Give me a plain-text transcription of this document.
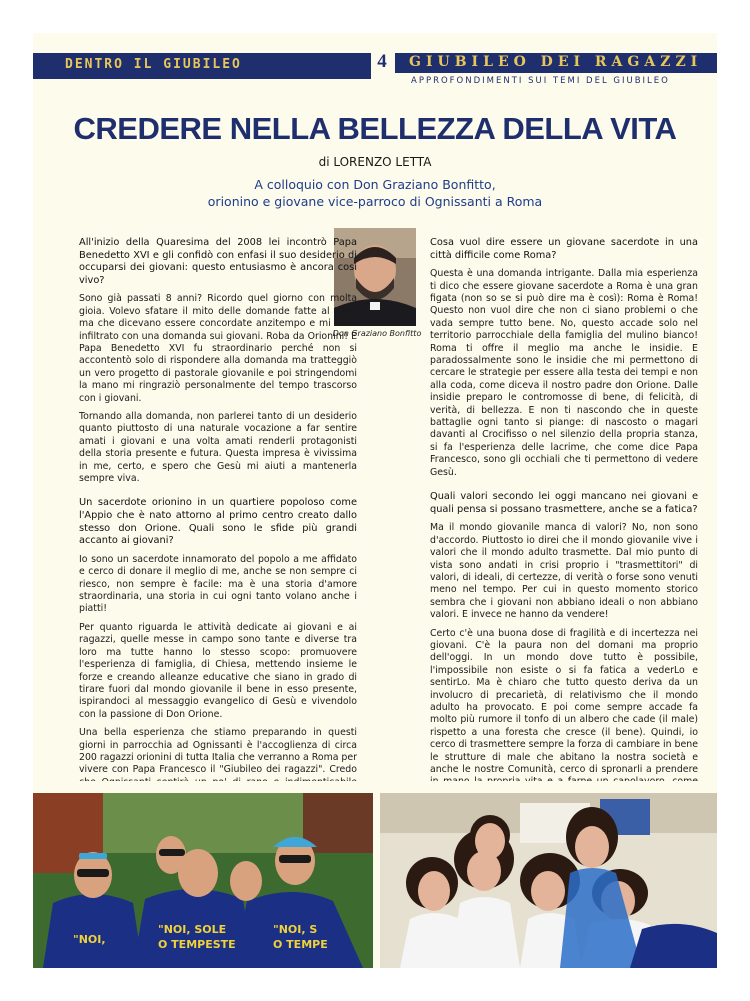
DENTRO IL GIUBILEO	4	GIUBILEO DEI RAGAZZI
APPROFONDIMENTI SUI TEMI DEL GIUBILEO
CREDERE NELLA BELLEZZA DELLA VITA
di LORENZO LETTA
A colloquio con Don Graziano Bonfitto,
orionino e giovane vice-parroco di Ognissanti a Roma
Don Graziano Bonfitto

All'inizio della Quaresima del 2008 lei incontrò Papa Benedetto XVI e gli confidò con enfasi il suo desiderio di occuparsi dei giovani: questo entusiasmo è ancora così vivo?

Sono già passati 8 anni? Ricordo quel giorno con molta gioia. Volevo sfatare il mito delle domande fatte al Papa ma che dicevano essere concordate anzitempo e mi sono infiltrato con una domanda sui giovani. Roba da Orionini! E Papa Benedetto XVI fu straordinario perché non si accontentò solo di rispondere alla domanda ma tratteggiò un vero progetto di pastorale giovanile e poi stringendomi la mano mi ringraziò personalmente del tempo trascorso con i giovani.

Tornando alla domanda, non parlerei tanto di un desiderio quanto piuttosto di una naturale vocazione a far sentire amati i giovani e una volta amati renderli protagonisti della storia presente e futura. Questa impresa è vivissima in me, certo, e spero che Gesù mi aiuti a mantenerla sempre viva.

Un sacerdote orionino in un quartiere popoloso come l'Appio che è nato attorno al primo centro creato dallo stesso don Orione. Quali sono le sfide più grandi accanto ai giovani?

Io sono un sacerdote innamorato del popolo a me affidato e cerco di donare il meglio di me, anche se non sempre ci riesco, non sempre è facile: ma è una storia d'amore straordinaria, una storia in cui ogni tanto volano anche i piatti!

Per quanto riguarda le attività dedicate ai giovani e ai ragazzi, quelle messe in campo sono tante e diverse tra loro ma tutte hanno lo stesso scopo: promuovere l'esperienza di famiglia, di Chiesa, mettendo insieme le forze e creando alleanze educative che siano in grado di tirare fuori dal mondo giovanile il bene in esso presente, ispirandoci al messaggio evangelico di Gesù e vivendolo con la passione di Don Orione.

Una bella esperienza che stiamo preparando in questi giorni in parrocchia ad Ognissanti è l'accoglienza di circa 200 ragazzi orionini di tutta Italia che verranno a Roma per vivere con Papa Francesco il "Giubileo dei ragazzi". Credo

Cosa vuol dire essere un giovane sacerdote in una città difficile come Roma?

Questa è una domanda intrigante. Dalla mia esperienza ti dico che essere giovane sacerdote a Roma è una gran figata (non so se si può dire ma è così): Roma è Roma! Questo non vuol dire che non ci siano problemi o che vada sempre tutto bene. No, questo accade solo nel territorio parrocchiale della famiglia del mulino bianco! Roma ti offre il meglio ma anche le insidie. E paradossalmente sono le insidie che mi permettono di cercare le strategie per essere alla testa dei tempi e non alla coda, come diceva il nostro padre don Orione. Dalle insidie preparo le contromosse di bene, di felicità, di verità, di bellezza. E non ti nascondo che in queste battaglie ogni tanto si piange: di nascosto o magari davanti al Crocifisso o nel silenzio della propria stanza, si fa l'esperienza delle lacrime, che come dice Papa Francesco, sono gli occhiali che ti permettono di vedere Gesù.

Quali valori secondo lei oggi mancano nei giovani e quali pensa si possano trasmettere, anche se a fatica?

Ma il mondo giovanile manca di valori? No, non sono d'accordo. Piuttosto io direi che il mondo giovanile vive i valori che il mondo adulto trasmette. Dal mio punto di vista sono andati in crisi proprio i "trasmettitori" di valori, di ideali, di certezze, di verità o forse sono venuti meno nel tempo. Per cui in questo momento storico sembra che i giovani non abbiano ideali o non abbiano valori. E invece ne hanno da vendere!

Certo c'è una buona dose di fragilità e di incertezza nei giovani. C'è la paura non del domani ma proprio dell'oggi. In un mondo dove tutto è possibile, l'impossibile non esiste o si fa fatica a vederLo e sentirLo. Ma è chiaro che tutto questo deriva da un involucro di precarietà, di relativismo che il mondo adulto ha provocato. E poi come sempre accade fa molto più rumore il tonfo di un albero che cade (il male) rispetto a una foresta che cresce (il bene). Quindi, io cerco di trasmettere sempre la forza di cambiare in bene le strutture di male che abitano la nostra società e anche le nostre Comunità, cerco di spronarli a prendere

"NOI,
"NOI, SOLE
O TEMPESTE
"NOI, S
O TEMPE
